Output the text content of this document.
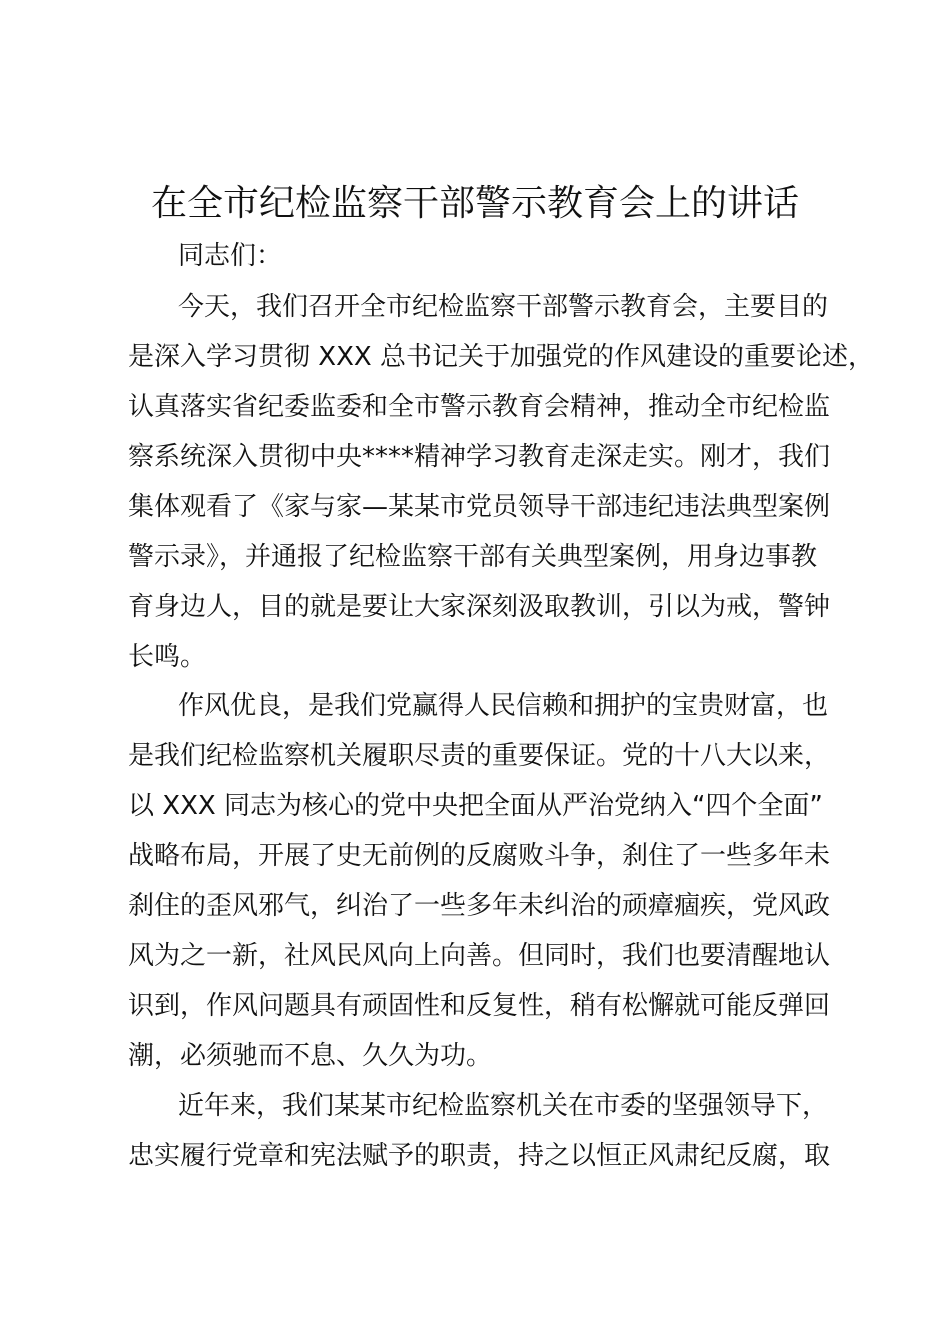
在全市纪检监察干部警示教育会上的讲话
同志们：
今天，我们召开全市纪检监察干部警示教育会，主要目的
是深入学习贯彻 XXX 总书记关于加强党的作风建设的重要论述，
认真落实省纪委监委和全市警示教育会精神，推动全市纪检监
察系统深入贯彻中央****精神学习教育走深走实。刚才，我们
集体观看了《家与家—某某市党员领导干部违纪违法典型案例
警示录》，并通报了纪检监察干部有关典型案例，用身边事教
育身边人，目的就是要让大家深刻汲取教训，引以为戒，警钟
长鸣。
作风优良，是我们党赢得人民信赖和拥护的宝贵财富，也
是我们纪检监察机关履职尽责的重要保证。党的十八大以来，
以 XXX 同志为核心的党中央把全面从严治党纳入“四个全面”
战略布局，开展了史无前例的反腐败斗争，刹住了一些多年未
刹住的歪风邪气，纠治了一些多年未纠治的顽瘴痼疾，党风政
风为之一新，社风民风向上向善。但同时，我们也要清醒地认
识到，作风问题具有顽固性和反复性，稍有松懈就可能反弹回
潮，必须驰而不息、久久为功。
近年来，我们某某市纪检监察机关在市委的坚强领导下，
忠实履行党章和宪法赋予的职责，持之以恒正风肃纪反腐，取
